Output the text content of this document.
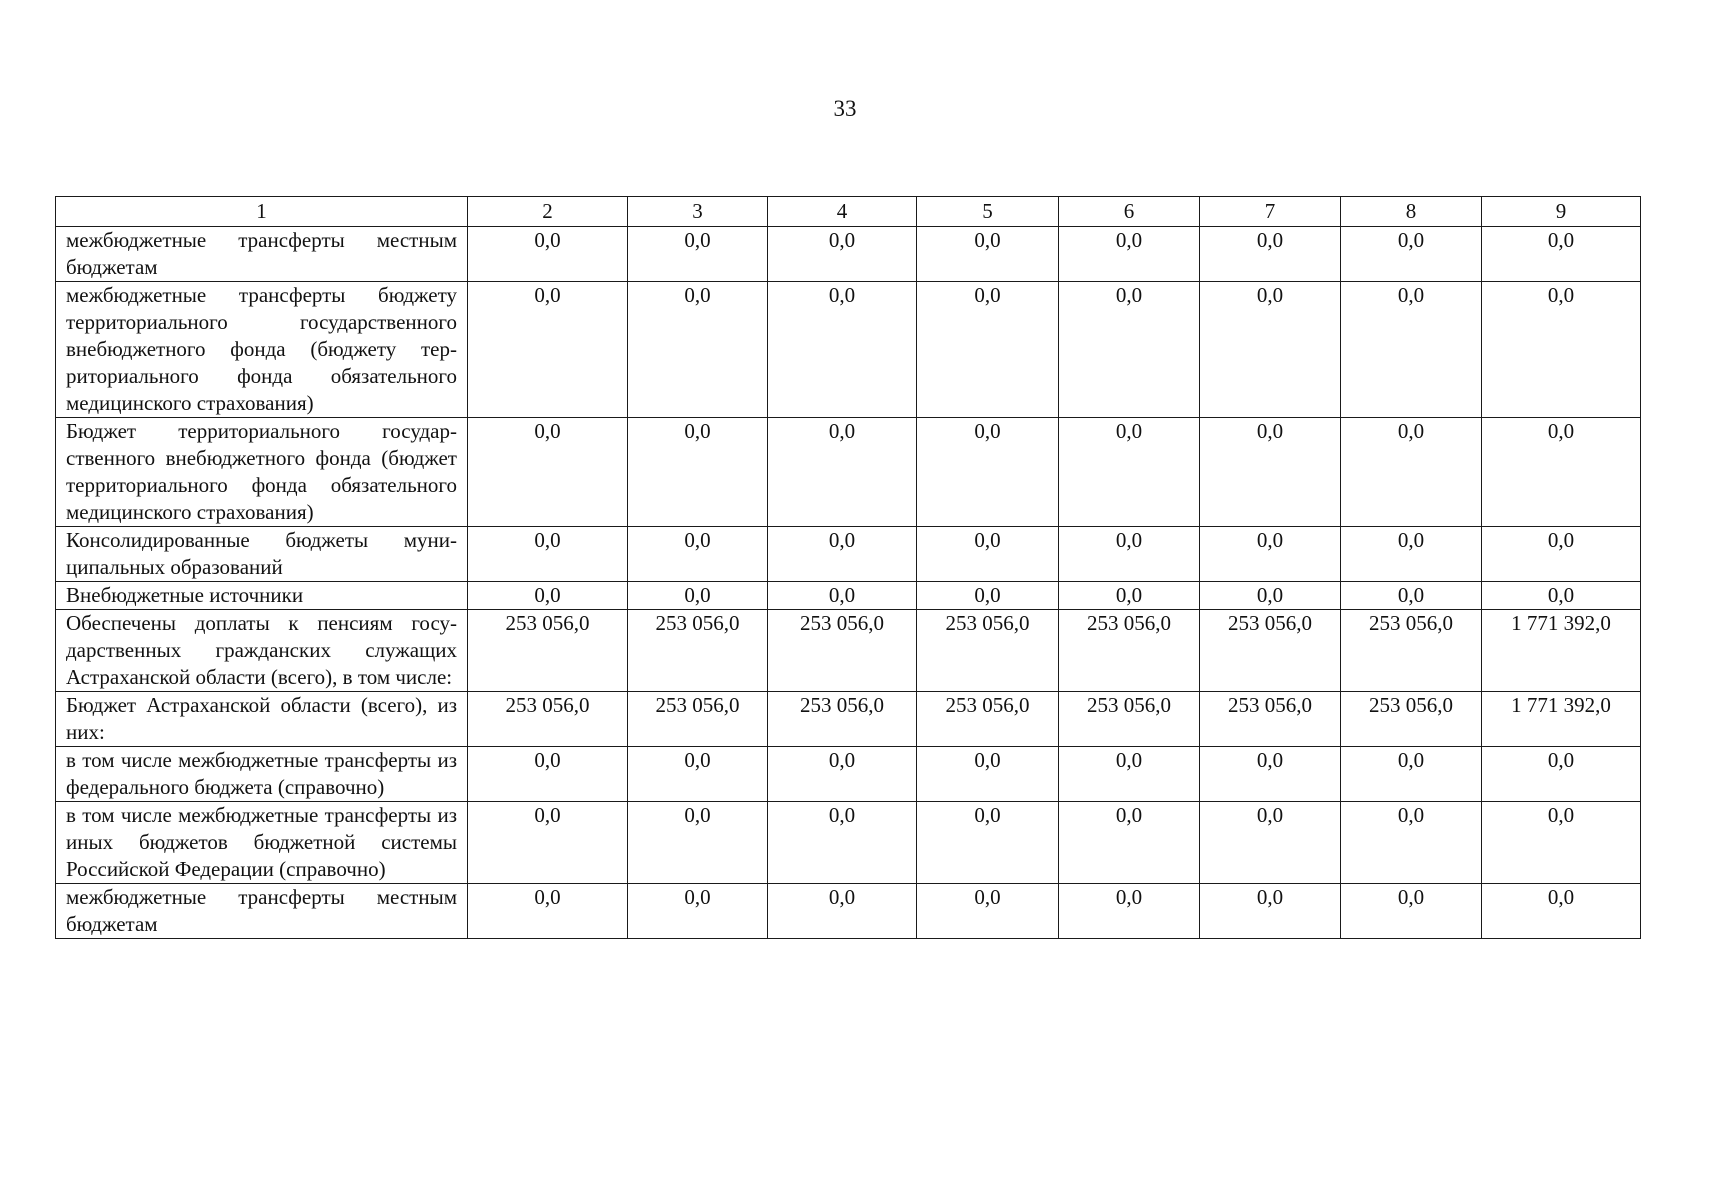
33
1	2	3	4	5	6	7	8	9
межбюджетные трансферты местным бюджетам	0,0	0,0	0,0	0,0	0,0	0,0	0,0	0,0
межбюджетные трансферты бюджету территориального государственного внебюджетного фонда (бюджету территориального фонда обязательного медицинского страхования)	0,0	0,0	0,0	0,0	0,0	0,0	0,0	0,0
Бюджет территориального государственного внебюджетного фонда (бюджет территориального фонда обязательного медицинского страхования)	0,0	0,0	0,0	0,0	0,0	0,0	0,0	0,0
Консолидированные бюджеты муниципальных образований	0,0	0,0	0,0	0,0	0,0	0,0	0,0	0,0
Внебюджетные источники	0,0	0,0	0,0	0,0	0,0	0,0	0,0	0,0
Обеспечены доплаты к пенсиям государственных гражданских служащих Астраханской области (всего), в том числе:	253 056,0	253 056,0	253 056,0	253 056,0	253 056,0	253 056,0	253 056,0	1 771 392,0
Бюджет Астраханской области (всего), из них:	253 056,0	253 056,0	253 056,0	253 056,0	253 056,0	253 056,0	253 056,0	1 771 392,0
в том числе межбюджетные трансферты из федерального бюджета (справочно)	0,0	0,0	0,0	0,0	0,0	0,0	0,0	0,0
в том числе межбюджетные трансферты из иных бюджетов бюджетной системы Российской Федерации (справочно)	0,0	0,0	0,0	0,0	0,0	0,0	0,0	0,0
межбюджетные трансферты местным бюджетам	0,0	0,0	0,0	0,0	0,0	0,0	0,0	0,0
